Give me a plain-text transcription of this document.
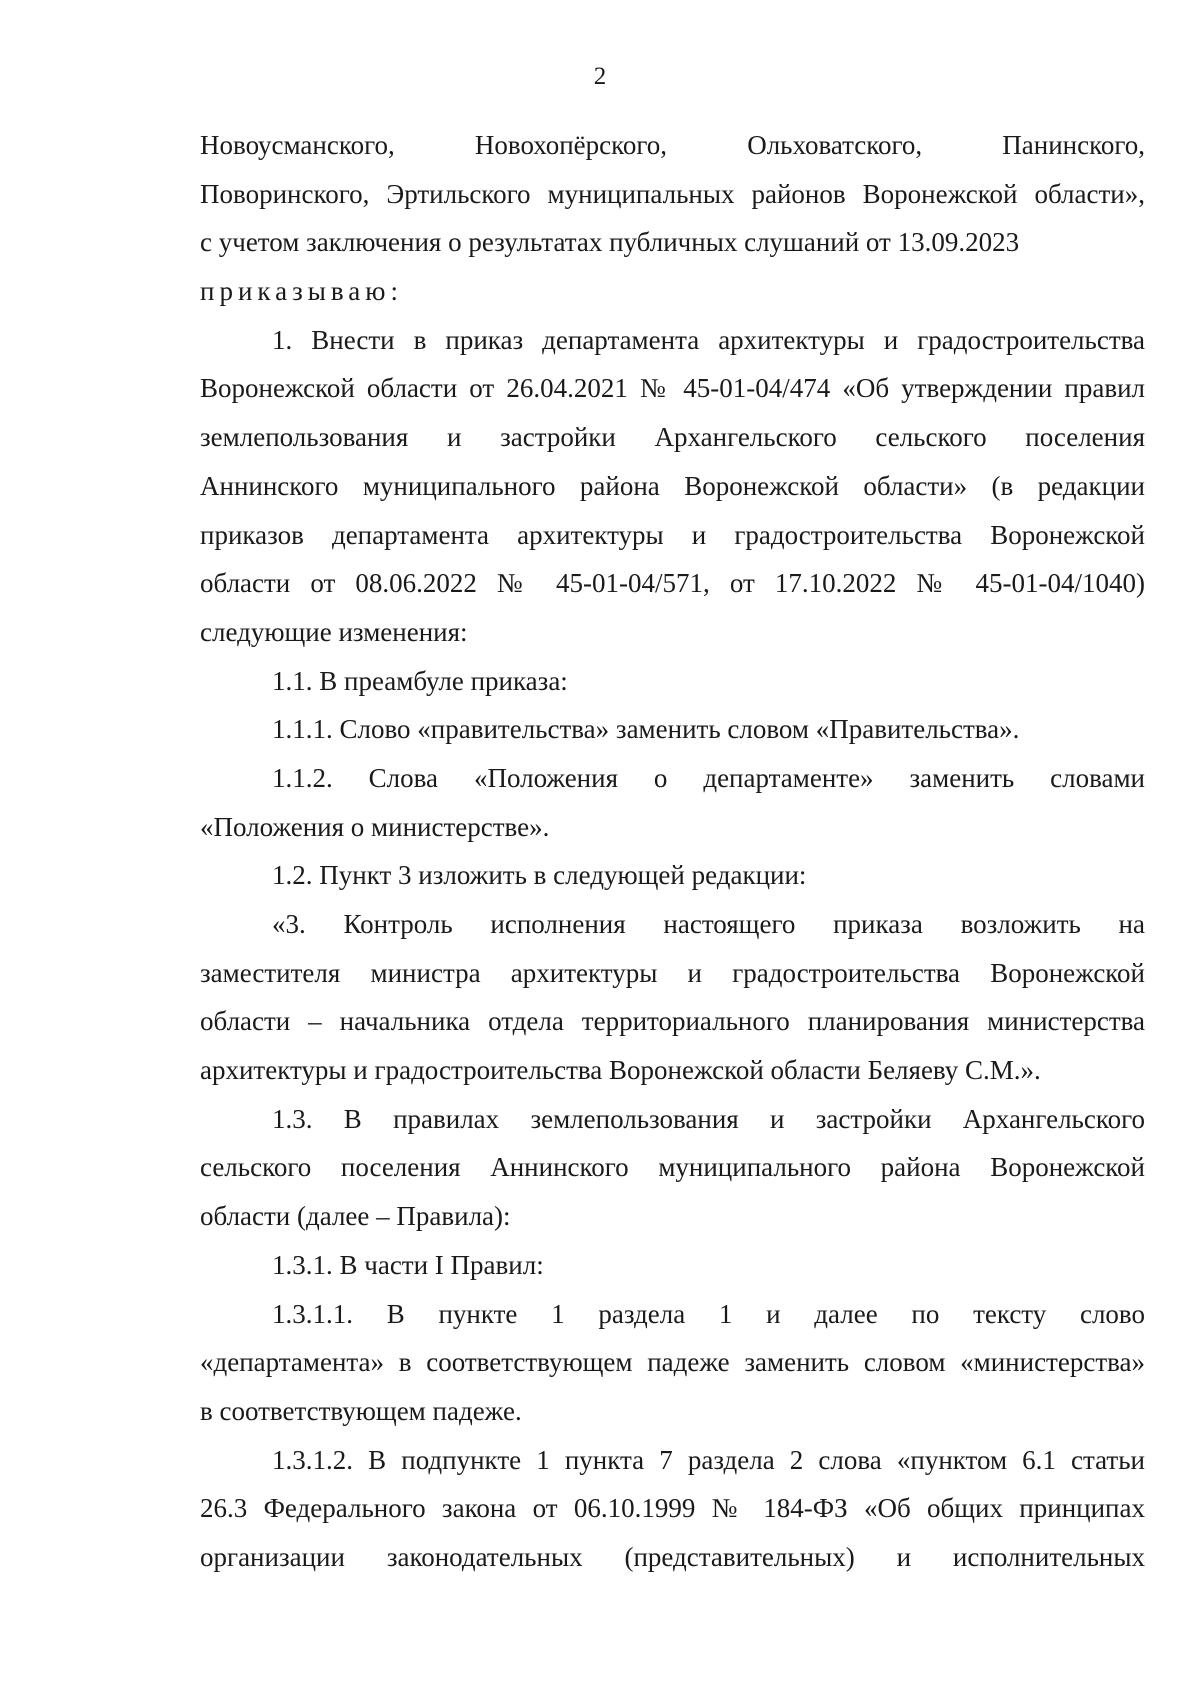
2
Новоусманского, Новохопёрского, Ольховатского, Панинского,
Поворинского, Эртильского муниципальных районов Воронежской области»,
с учетом заключения о результатах публичных слушаний от 13.09.2023
приказываю:
1. Внести в приказ департамента архитектуры и градостроительства
Воронежской области от 26.04.2021 № 45-01-04/474 «Об утверждении правил
землепользования и застройки Архангельского сельского поселения
Аннинского муниципального района Воронежской области» (в редакции
приказов департамента архитектуры и градостроительства Воронежской
области от 08.06.2022 № 45-01-04/571, от 17.10.2022 № 45-01-04/1040)
следующие изменения:
1.1. В преамбуле приказа:
1.1.1. Слово «правительства» заменить словом «Правительства».
1.1.2. Слова «Положения о департаменте» заменить словами
«Положения о министерстве».
1.2. Пункт 3 изложить в следующей редакции:
«3. Контроль исполнения настоящего приказа возложить на
заместителя министра архитектуры и градостроительства Воронежской
области – начальника отдела территориального планирования министерства
архитектуры и градостроительства Воронежской области Беляеву С.М.».
1.3. В правилах землепользования и застройки Архангельского
сельского поселения Аннинского муниципального района Воронежской
области (далее – Правила):
1.3.1. В части I Правил:
1.3.1.1. В пункте 1 раздела 1 и далее по тексту слово
«департамента» в соответствующем падеже заменить словом «министерства»
в соответствующем падеже.
1.3.1.2. В подпункте 1 пункта 7 раздела 2 слова «пунктом 6.1 статьи
26.3 Федерального закона от 06.10.1999 № 184-ФЗ «Об общих принципах
организации законодательных (представительных) и исполнительных
